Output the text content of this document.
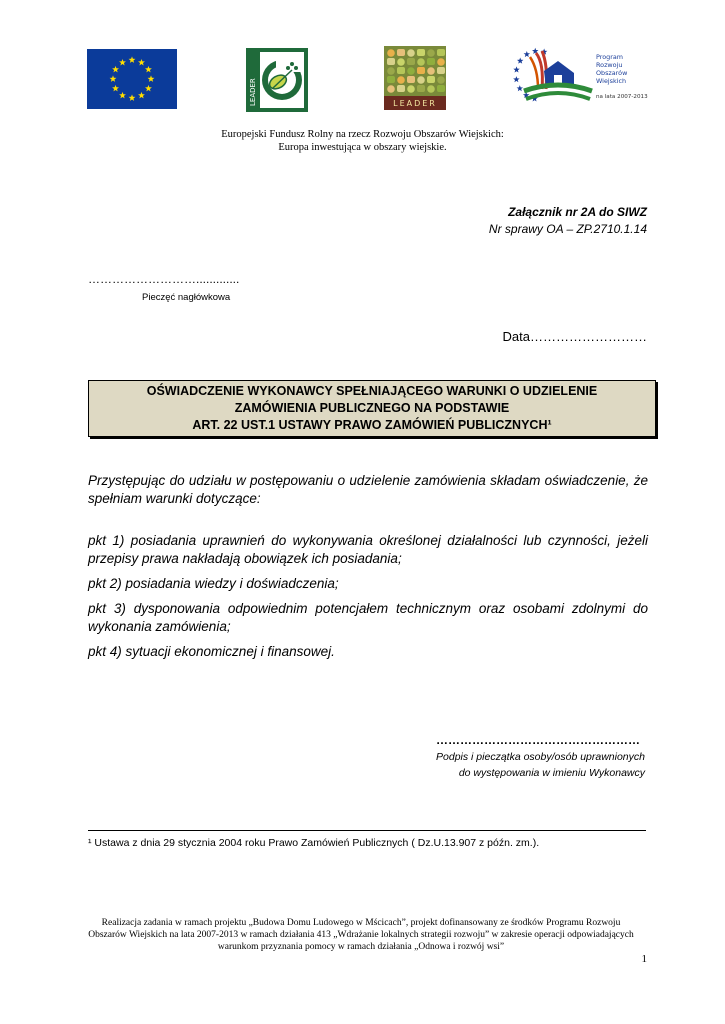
LEADER	LEADER
Program
Rozwoju
Obszarów
Wiejskich
na lata 2007-2013
Europejski Fundusz Rolny na rzecz Rozwoju Obszarów Wiejskich:
Europa inwestująca w obszary wiejskie.
Załącznik nr 2A do SIWZ
Nr sprawy OA – ZP.2710.1.14
……………………….............
Pieczęć nagłówkowa
Data………………………
OŚWIADCZENIE WYKONAWCY SPEŁNIAJĄCEGO WARUNKI O UDZIELENIE
ZAMÓWIENIA PUBLICZNEGO NA PODSTAWIE
ART. 22 UST.1 USTAWY PRAWO ZAMÓWIEŃ PUBLICZNYCH¹
Przystępując do udziału w postępowaniu o udzielenie zamówienia składam oświadczenie, że spełniam warunki dotyczące:
pkt 1) posiadania uprawnień do wykonywania określonej działalności lub czynności, jeżeli przepisy prawa nakładają obowiązek ich posiadania;
pkt 2) posiadania wiedzy i doświadczenia;
pkt 3) dysponowania odpowiednim potencjałem technicznym oraz osobami zdolnymi do wykonania zamówienia;
pkt 4) sytuacji ekonomicznej i finansowej.
……………………………………………
Podpis i pieczątka osoby/osób uprawnionych
do występowania w imieniu Wykonawcy
¹ Ustawa z dnia 29 stycznia 2004 roku Prawo Zamówień Publicznych ( Dz.U.13.907 z późn. zm.).
Realizacja zadania w ramach projektu „Budowa Domu Ludowego w Mścicach”, projekt dofinansowany ze środków Programu Rozwoju
Obszarów Wiejskich na lata 2007-2013 w ramach działania 413 „Wdrażanie lokalnych strategii rozwoju” w zakresie operacji odpowiadających
warunkom przyznania pomocy w ramach działania „Odnowa i rozwój wsi”
1
